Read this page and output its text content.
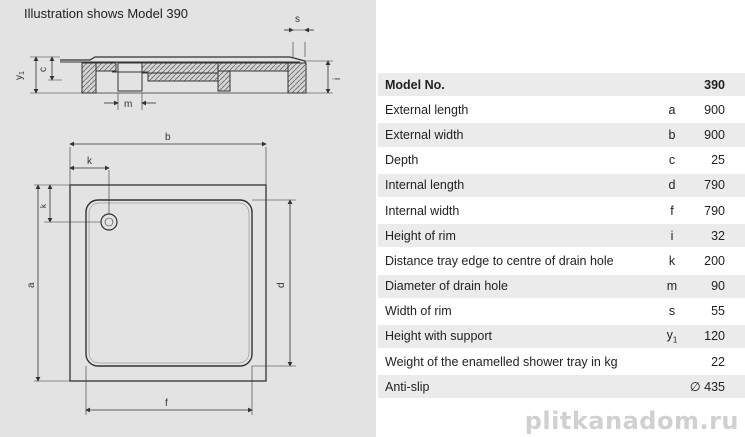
Illustration shows Model 390
$y_1$
c
s
i
m
b
k
k
a	d
f
Model No.		390
External length	a	900
External width	b	900
Depth	c	25
Internal length	d	790
Internal width	f	790
Height of rim	i	32
Distance tray edge to centre of drain hole	k	200
Diameter of drain hole	m	90
Width of rim	s	55
Height with support	$y_1$	120
Weight of the enamelled shower tray in kg		22
Anti-slip		∅ 435
plitkanadom.ru
